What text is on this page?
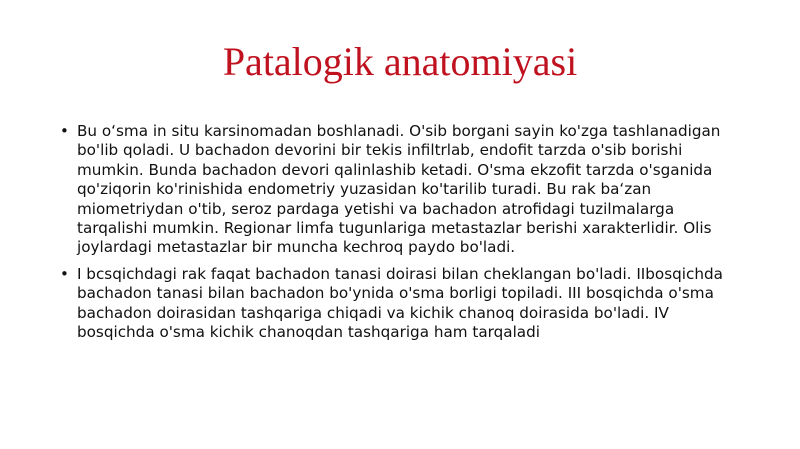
Patalogik anatomiyasi
• Bu oʻsma in situ karsinomadan boshlanadi. O'sib borgani sayin ko'zga tashlanadigan bo'lib qoladi. U bachadon devorini bir tekis infiltrlab, endofit tarzda o'sib borishi mumkin. Bunda bachadon devori qalinlashib ketadi. O'sma ekzofit tarzda o'sganida qo'ziqorin ko'rinishida endometriy yuzasidan ko'tarilib turadi. Bu rak baʻzan miometriydan o'tib, seroz pardaga yetishi va bachadon atrofidagi tuzilmalarga tarqalishi mumkin. Regionar limfa tugunlariga metastazlar berishi xarakterlidir. Olis joylardagi metastazlar bir muncha kechroq paydo bo'ladi.
• I bcsqichdagi rak faqat bachadon tanasi doirasi bilan cheklangan bo'ladi. IIbosqichda bachadon tanasi bilan bachadon bo'ynida o'sma borligi topiladi. III bosqichda o'sma bachadon doirasidan tashqariga chiqadi va kichik chanoq doirasida bo'ladi. IV bosqichda o'sma kichik chanoqdan tashqariga ham tarqaladi
